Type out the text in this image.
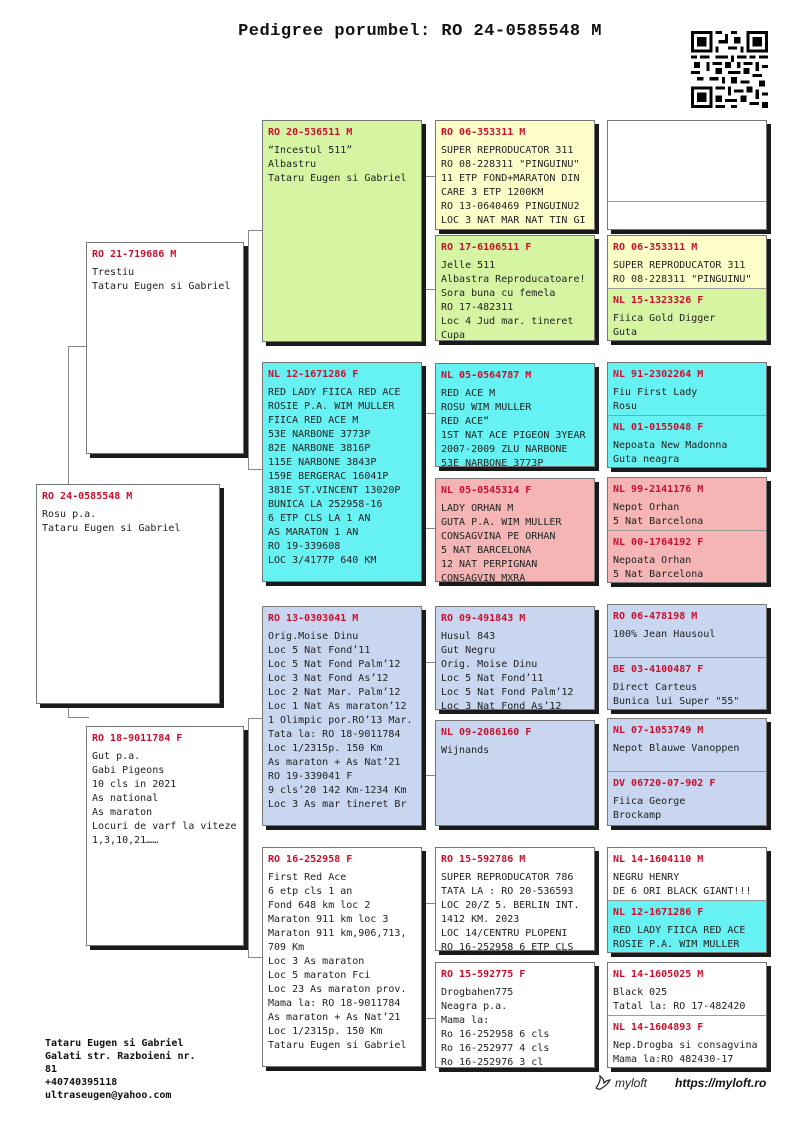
Pedigree porumbel: RO 24-0585548 M
RO 24-0585548 M
Rosu p.a.
Tataru Eugen si Gabriel
RO 21-719686 M
Trestiu
Tataru Eugen si Gabriel
RO 18-9011784 F
Gut p.a.
Gabi Pigeons
10 cls in 2021
As national
As maraton
Locuri de varf la viteze
1,3,10,21……
RO 20-536511 M
“Incestul 511”
Albastru
Tataru Eugen si Gabriel
NL 12-1671286 F
RED LADY FIICA RED ACE
ROSIE P.A. WIM MULLER
FIICA RED ACE M
53E NARBONE 3773P
82E NARBONE 3816P
115E NARBONE 3843P
159E BERGERAC 16041P
381E ST.VINCENT 13020P
BUNICA LA 252958-16
6 ETP CLS LA 1 AN
AS MARATON 1 AN
RO 19-339608
LOC 3/4177P 640 KM
RO 13-0303041 M
Orig.Moise Dinu
Loc 5 Nat Fond’11
Loc 5 Nat Fond Palm’12
Loc 3 Nat Fond As’12
Loc 2 Nat Mar. Palm’12
Loc 1 Nat As maraton’12
1 Olimpic por.RO’13 Mar.
Tata la: RO 18-9011784
Loc 1/2315p. 150 Km
As maraton + As Nat’21
RO 19-339041 F
9 cls’20 142 Km-1234 Km
Loc 3 As mar tineret Br
RO 16-252958 F
First Red Ace
6 etp cls 1 an
Fond 648 km loc 2
Maraton 911 km loc 3
Maraton 911 km,906,713,
709 Km
Loc 3 As maraton
Loc 5 maraton Fci
Loc 23 As maraton prov.
Mama la: RO 18-9011784
As maraton + As Nat’21
Loc 1/2315p. 150 Km
Tataru Eugen si Gabriel
RO 06-353311 M
SUPER REPRODUCATOR 311
RO 08-228311 "PINGUINU"
11 ETP FOND+MARATON DIN
CARE 3 ETP 1200KM
RO 13-0640469 PINGUINU2
LOC 3 NAT MAR NAT TIN GI
RO 17-6106511 F
Jelle 511
Albastra Reproducatoare!
Sora buna cu femela
RO 17-482311
Loc 4 Jud mar. tineret
Cupa
NL 05-0564787 M
RED ACE M
ROSU WIM MULLER
RED ACE”
1ST NAT ACE PIGEON 3YEAR
2007-2009 ZLU NARBONE
53E NARBONE 3773P
NL 05-0545314 F
LADY ORHAN M
GUTA P.A. WIM MULLER
CONSAGVINA PE ORHAN
5 NAT BARCELONA
12 NAT PERPIGNAN
CONSAGVIN MXRA
RO 09-491843 M
Husul 843
Gut Negru
Orig. Moise Dinu
Loc 5 Nat Fond’11
Loc 5 Nat Fond Palm’12
Loc 3 Nat Fond As’12
NL 09-2086160 F
Wijnands
RO 15-592786 M
SUPER REPRODUCATOR 786
TATA LA : RO 20-536593
LOC 20/Z 5. BERLIN INT.
1412 KM. 2023
LOC 14/CENTRU PLOPENI
RO 16-252958 6 ETP CLS
RO 15-592775 F
Drogbahen775
Neagra p.a.
Mama la:
Ro 16-252958 6 cls
Ro 16-252977 4 cls
Ro 16-252976 3 cl
RO 06-353311 M
SUPER REPRODUCATOR 311
RO 08-228311 "PINGUINU"
NL 15-1323326 F
Fiica Gold Digger
Guta
NL 91-2302264 M
Fiu First Lady
Rosu
NL 01-0155048 F
Nepoata New Madonna
Guta neagra
NL 99-2141176 M
Nepot Orhan
5 Nat Barcelona
NL 00-1764192 F
Nepoata Orhan
5 Nat Barcelona
RO 06-478198 M
100% Jean Hausoul
BE 03-4100487 F
Direct Carteus
Bunica lui Super "55"
NL 07-1053749 M
Nepot Blauwe Vanoppen
DV 06720-07-902 F
Fiica George
Brockamp
NL 14-1604110 M
NEGRU HENRY
DE 6 ORI BLACK GIANT!!!
NL 12-1671286 F
RED LADY FIICA RED ACE
ROSIE P.A. WIM MULLER
NL 14-1605025 M
Black 025
Tatal la: RO 17-482420
NL 14-1604893 F
Nep.Drogba si consagvina
Mama la:RO 482430-17
Tataru Eugen si Gabriel
Galati str. Razboieni nr.
81
+40740395118
ultraseugen@yahoo.com
myloft https://myloft.ro
